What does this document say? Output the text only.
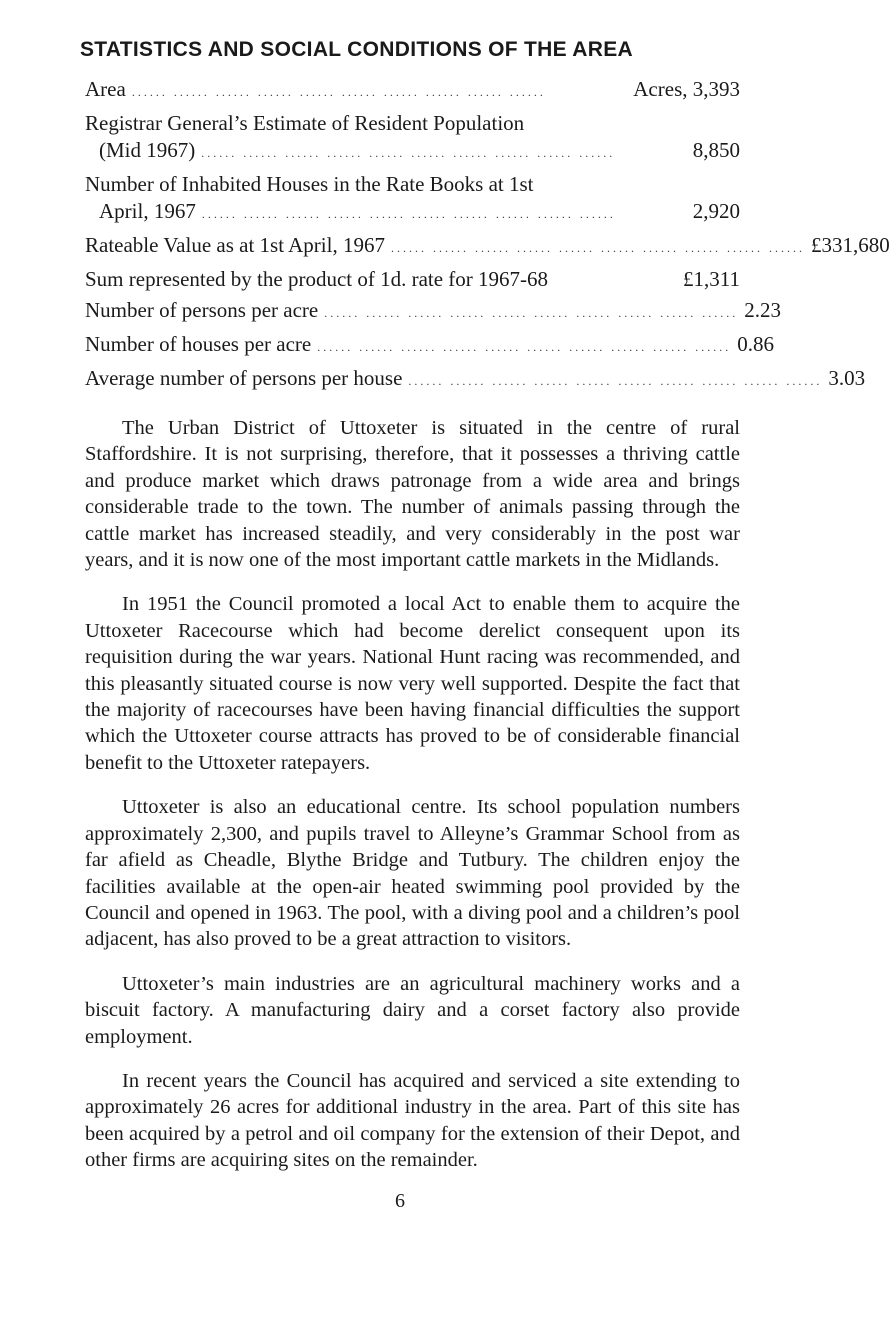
STATISTICS AND SOCIAL CONDITIONS OF THE AREA
Area ...... ...... ...... ...... ...... ...... ...... ...... ...... ......	Acres, 3,393
Registrar General’s Estimate of Resident Population
(Mid 1967) ...... ...... ...... ...... ...... ...... ...... ...... ...... ......	8,850
Number of Inhabited Houses in the Rate Books at 1st
April, 1967 ...... ...... ...... ...... ...... ...... ...... ...... ...... ......	2,920
Rateable Value as at 1st April, 1967 ...... ...... ...... ...... ...... ...... ...... ...... ...... ...... £331,680
Sum represented by the product of 1d. rate for 1967-68	£1,311
Number of persons per acre ...... ...... ...... ...... ...... ...... ...... ...... ...... ...... 2.23
Number of houses per acre ...... ...... ...... ...... ...... ...... ...... ...... ...... ...... 0.86
Average number of persons per house ...... ...... ...... ...... ...... ...... ...... ...... ...... ...... 3.03

The Urban District of Uttoxeter is situated in the centre of rural Staffordshire. It is not surprising, therefore, that it possesses a thriving cattle and produce market which draws patronage from a wide area and brings considerable trade to the town. The number of animals passing through the cattle market has increased steadily, and very considerably in the post war years, and it is now one of the most important cattle markets in the Midlands.

In 1951 the Council promoted a local Act to enable them to acquire the Uttoxeter Racecourse which had become derelict consequent upon its requisition during the war years. National Hunt racing was recommended, and this pleasantly situated course is now very well supported. Despite the fact that the majority of racecourses have been having financial difficulties the support which the Uttoxeter course attracts has proved to be of considerable financial benefit to the Uttoxeter ratepayers.

Uttoxeter is also an educational centre. Its school population numbers approximately 2,300, and pupils travel to Alleyne’s Grammar School from as far afield as Cheadle, Blythe Bridge and Tutbury. The children enjoy the facilities available at the open-air heated swimming pool provided by the Council and opened in 1963. The pool, with a diving pool and a children’s pool adjacent, has also proved to be a great attraction to visitors.

Uttoxeter’s main industries are an agricultural machinery works and a biscuit factory. A manufacturing dairy and a corset factory also provide employment.

In recent years the Council has acquired and serviced a site extending to approximately 26 acres for additional industry in the area. Part of this site has been acquired by a petrol and oil company for the extension of their Depot, and other firms are acquiring sites on the remainder.

6
